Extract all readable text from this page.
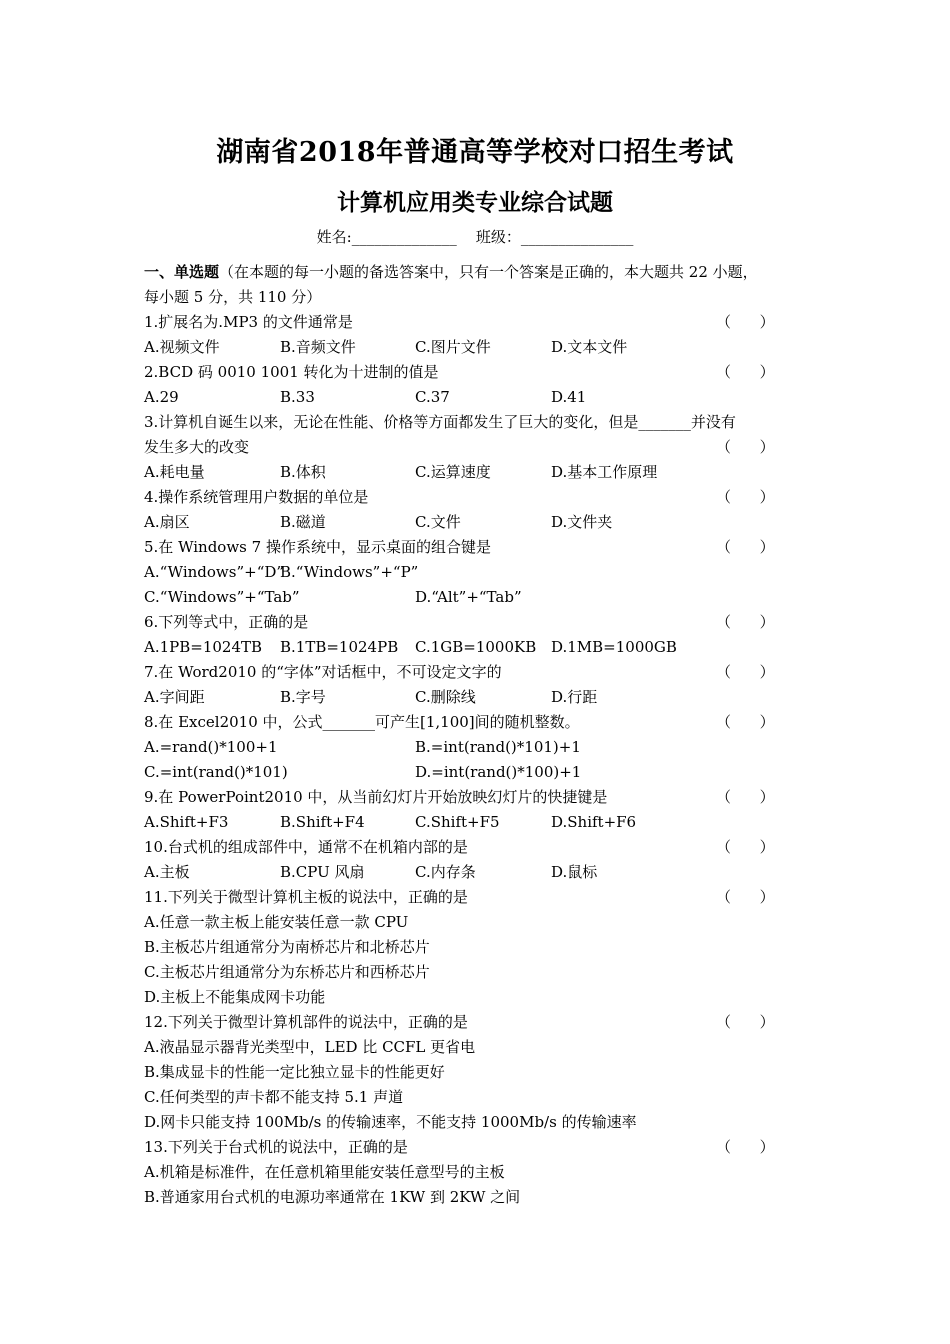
湖南省2018年普通高等学校对口招生考试
计算机应用类专业综合试题
姓名:______________ 班级：_______________
一、单选题（在本题的每一小题的备选答案中，只有一个答案是正确的，本大题共 22 小题，
每小题 5 分，共 110 分）
1.扩展名为.MP3 的文件通常是	（      ）
A.视频文件	B.音频文件	C.图片文件	D.文本文件
2.BCD 码 0010 1001 转化为十进制的值是	（      ）
A.29	B.33	C.37	D.41
3.计算机自诞生以来，无论在性能、价格等方面都发生了巨大的变化，但是_______并没有
发生多大的改变	（      ）
A.耗电量	B.体积	C.运算速度	D.基本工作原理
4.操作系统管理用户数据的单位是	（      ）
A.扇区	B.磁道	C.文件	D.文件夹
5.在 Windows 7 操作系统中，显示桌面的组合键是	（      ）
A.“Windows”+“D”
B.“Windows”+“P”
C.“Windows”+“Tab”	D.“Alt”+“Tab”
6.下列等式中，正确的是	（      ）
A.1PB=1024TB B.1TB=1024PB C.1GB=1000KB D.1MB=1000GB
7.在 Word2010 的“字体”对话框中，不可设定文字的	（      ）
A.字间距	B.字号	C.删除线	D.行距
8.在 Excel2010 中，公式_______可产生[1,100]间的随机整数。	（      ）
A.=rand()*100+1	B.=int(rand()*101)+1
C.=int(rand()*101)	D.=int(rand()*100)+1
9.在 PowerPoint2010 中，从当前幻灯片开始放映幻灯片的快捷键是	（      ）
A.Shift+F3	B.Shift+F4	C.Shift+F5	D.Shift+F6
10.台式机的组成部件中，通常不在机箱内部的是	（      ）
A.主板	B.CPU 风扇	C.内存条	D.鼠标
11.下列关于微型计算机主板的说法中，正确的是	（      ）
A.任意一款主板上能安装任意一款 CPU
B.主板芯片组通常分为南桥芯片和北桥芯片
C.主板芯片组通常分为东桥芯片和西桥芯片
D.主板上不能集成网卡功能
12.下列关于微型计算机部件的说法中，正确的是	（      ）
A.液晶显示器背光类型中，LED 比 CCFL 更省电
B.集成显卡的性能一定比独立显卡的性能更好
C.任何类型的声卡都不能支持 5.1 声道
D.网卡只能支持 100Mb/s 的传输速率，不能支持 1000Mb/s 的传输速率
13.下列关于台式机的说法中，正确的是	（      ）
A.机箱是标准件，在任意机箱里能安装任意型号的主板
B.普通家用台式机的电源功率通常在 1KW 到 2KW 之间
